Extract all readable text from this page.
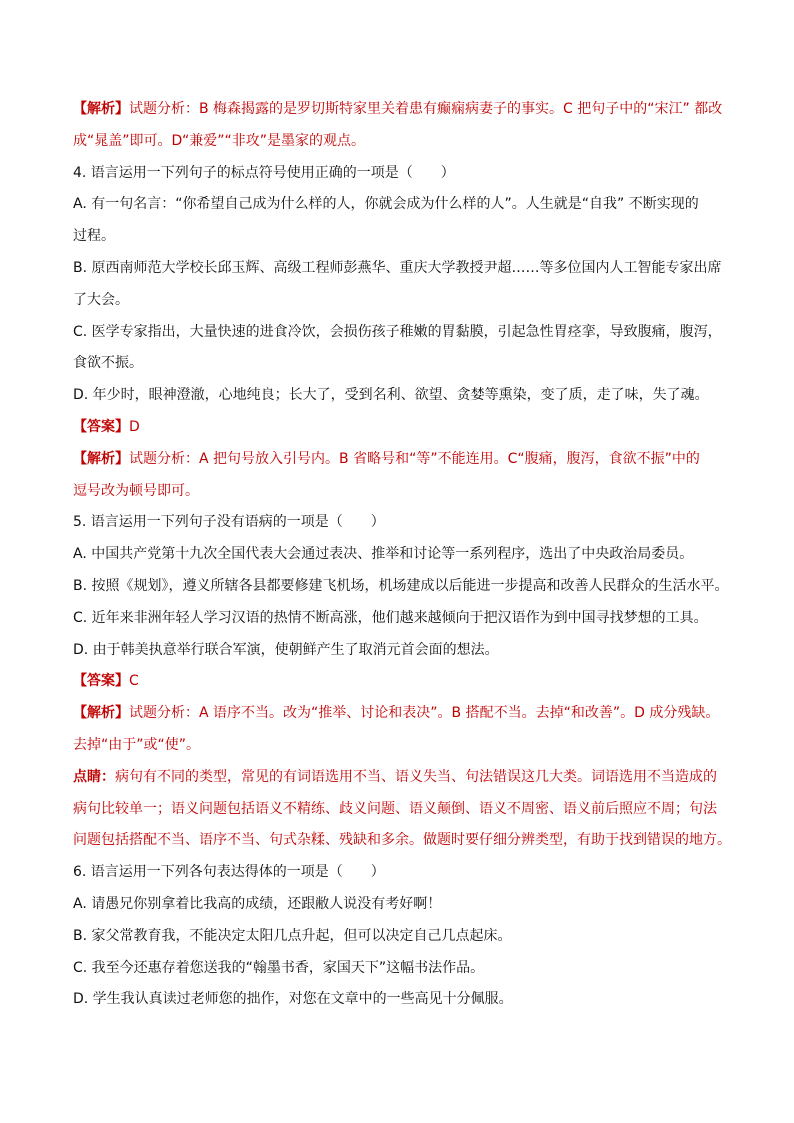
【解析】试题分析：B 梅森揭露的是罗切斯特家里关着患有癫痫病妻子的事实。C 把句子中的“宋江” 都改

成“晁盖”即可。D“兼爱”“非攻”是墨家的观点。

4. 语言运用一下列句子的标点符号使用正确的一项是（　　）

A. 有一句名言：“你希望自己成为什么样的人，你就会成为什么样的人”。人生就是“自我” 不断实现的

过程。

B. 原西南师范大学校长邱玉辉、高级工程师彭燕华、重庆大学教授尹超……等多位国内人工智能专家出席

了大会。

C. 医学专家指出，大量快速的进食冷饮，会损伤孩子稚嫩的胃黏膜，引起急性胃痉挛，导致腹痛，腹泻，

食欲不振。

D. 年少时，眼神澄澈，心地纯良；长大了，受到名利、欲望、贪婪等熏染，变了质，走了味，失了魂。

【答案】D

【解析】试题分析：A 把句号放入引号内。B 省略号和“等”不能连用。C“腹痛，腹泻，食欲不振”中的

逗号改为顿号即可。

5. 语言运用一下列句子没有语病的一项是（　　）

A. 中国共产党第十九次全国代表大会通过表决、推举和讨论等一系列程序，选出了中央政治局委员。

B. 按照《规划》，遵义所辖各县都要修建飞机场，机场建成以后能进一步提高和改善人民群众的生活水平。

C. 近年来非洲年轻人学习汉语的热情不断高涨，他们越来越倾向于把汉语作为到中国寻找梦想的工具。

D. 由于韩美执意举行联合军演，使朝鲜产生了取消元首会面的想法。

【答案】C

【解析】试题分析：A 语序不当。改为“推举、讨论和表决”。B 搭配不当。去掉“和改善”。D 成分残缺。

去掉“由于”或“使”。

点睛：病句有不同的类型，常见的有词语选用不当、语义失当、句法错误这几大类。词语选用不当造成的

病句比较单一；语义问题包括语义不精练、歧义问题、语义颠倒、语义不周密、语义前后照应不周；句法

问题包括搭配不当、语序不当、句式杂糅、残缺和多余。做题时要仔细分辨类型，有助于找到错误的地方。

6. 语言运用一下列各句表达得体的一项是（　　）

A. 请愚兄你别拿着比我高的成绩，还跟敝人说没有考好啊！

B. 家父常教育我，不能决定太阳几点升起，但可以决定自己几点起床。

C. 我至今还惠存着您送我的“翰墨书香，家国天下”这幅书法作品。

D. 学生我认真读过老师您的拙作，对您在文章中的一些高见十分佩服。
